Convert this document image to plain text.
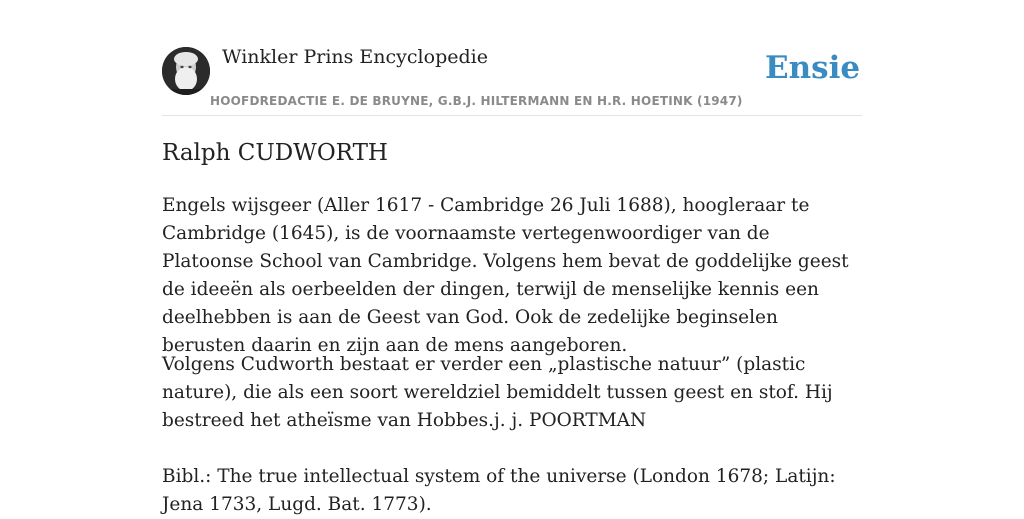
Winkler Prins Encyclopedie
HOOFDREDACTIE E. DE BRUYNE, G.B.J. HILTERMANN EN H.R. HOETINK (1947)
Ensie
Ralph CUDWORTH

Engels wijsgeer (Aller 1617 - Cambridge 26 Juli 1688), hoogleraar te Cambridge (1645), is de voornaamste vertegenwoordiger van de Platoonse School van Cambridge. Volgens hem bevat de goddelijke geest de ideeën als oerbeelden der dingen, terwijl de menselijke kennis een deelhebben is aan de Geest van God. Ook de zedelijke beginselen berusten daarin en zijn aan de mens aangeboren.

Volgens Cudworth bestaat er verder een „plastische natuur” (plastic nature), die als een soort wereldziel bemiddelt tussen geest en stof. Hij bestreed het atheïsme van Hobbes.j. j. POORTMAN

Bibl.: The true intellectual system of the universe (London 1678; Latijn: Jena 1733, Lugd. Bat. 1773).
